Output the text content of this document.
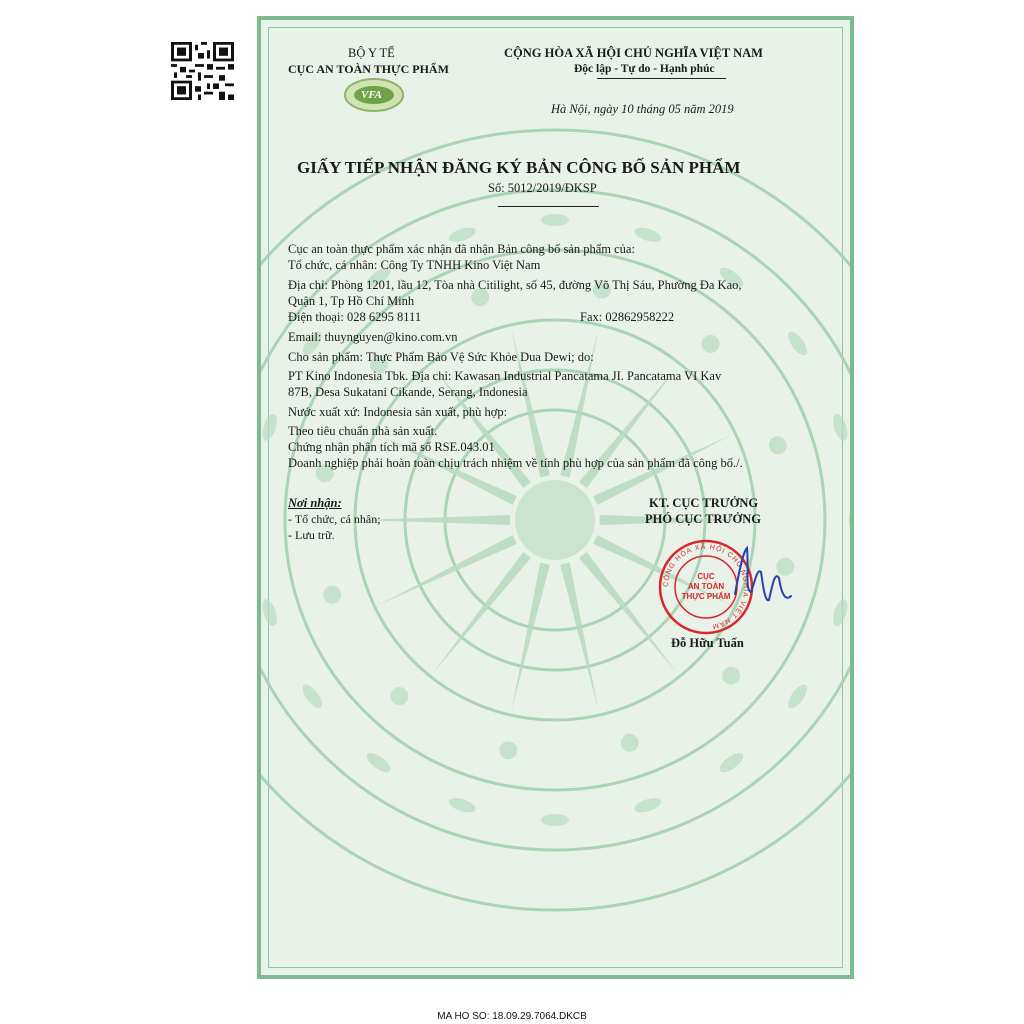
BỘ Y TẾ
CỤC AN TOÀN THỰC PHẨM
VFA
CỘNG HÒA XÃ HỘI CHỦ NGHĨA VIỆT NAM
Độc lập - Tự do - Hạnh phúc
Hà Nội, ngày 10 tháng 05 năm 2019
GIẤY TIẾP NHẬN ĐĂNG KÝ BẢN CÔNG BỐ SẢN PHẨM
Số: 5012/2019/ĐKSP
Cục an toàn thực phẩm xác nhận đã nhận Bản công bố sản phẩm của:
Tổ chức, cá nhân: Công Ty TNHH Kino Việt Nam
Địa chỉ: Phòng 1201, lầu 12, Tòa nhà Citilight, số 45, đường Võ Thị Sáu, Phường Đa Kao,
Quận 1, Tp Hồ Chí Minh
Điện thoại: 028 6295 8111	Fax: 02862958222
Email: thuynguyen@kino.com.vn
Cho sản phẩm: Thực Phẩm Bảo Vệ Sức Khỏe Dua Dewi; do:
PT Kino Indonesia Tbk. Địa chỉ: Kawasan Industrial Pancatama JI. Pancatama VI Kav
87B, Desa Sukatani Cikande, Serang, Indonesia
Nước xuất xứ: Indonesia sản xuất, phù hợp:
Theo tiêu chuẩn nhà sản xuất.
Chứng nhận phân tích mã số RSE.043.01
Doanh nghiệp phải hoàn toàn chịu trách nhiệm về tính phù hợp của sản phẩm đã công bố./.
Nơi nhận:
- Tổ chức, cá nhân;
- Lưu trữ.
KT. CỤC TRƯỞNG
PHÓ CỤC TRƯỞNG
CỘNG HÒA XÃ HỘI CHỦ NGHĨA VIỆT NAM
CỤC
AN TOÀN
THỰC PHẨM
Đỗ Hữu Tuấn
MA HO SO: 18.09.29.7064.DKCB
